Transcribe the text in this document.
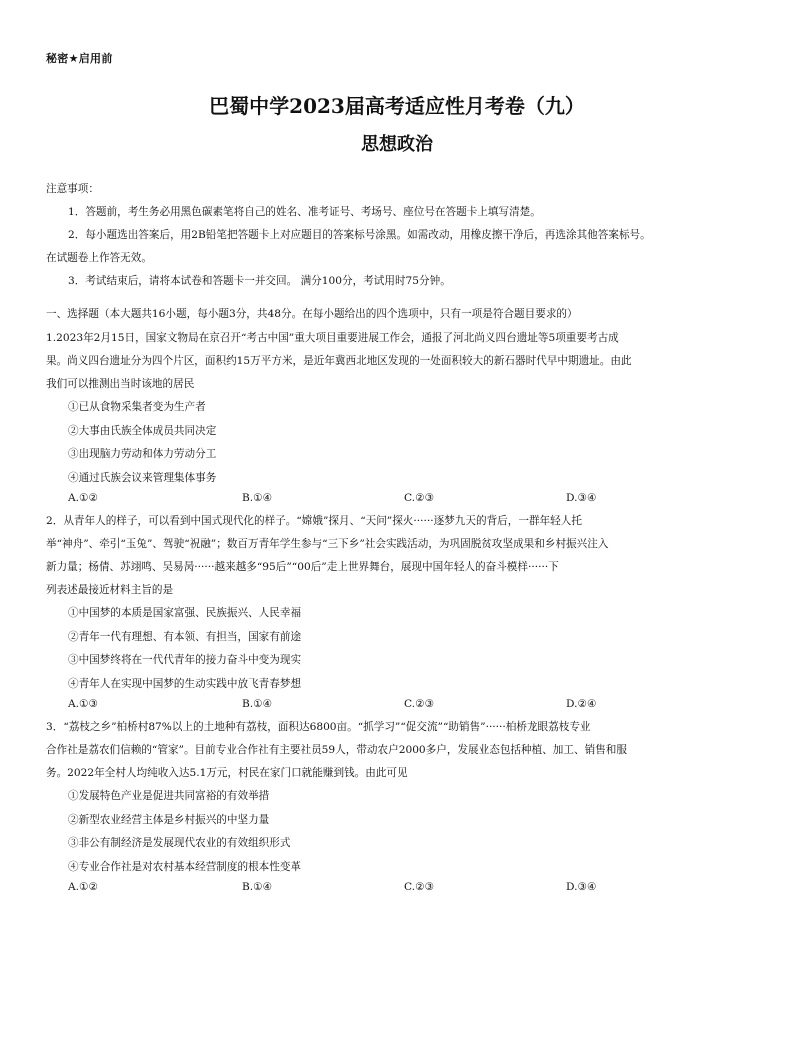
秘密★启用前
巴蜀中学2023届高考适应性月考卷（九）
思想政治
注意事项：
1．答题前，考生务必用黑色碳素笔将自己的姓名、准考证号、考场号、座位号在答题卡上填写清楚。
2．每小题选出答案后，用2B铅笔把答题卡上对应题目的答案标号涂黑。如需改动，用橡皮擦干净后，再选涂其他答案标号。
在试题卷上作答无效。
3．考试结束后，请将本试卷和答题卡一并交回。 满分100分，考试用时75分钟。
一、选择题（本大题共16小题，每小题3分，共48分。在每小题给出的四个选项中，只有一项是符合题目要求的）
1.2023年2月15日，国家文物局在京召开“考古中国”重大项目重要进展工作会，通报了河北尚义四台遗址等5项重要考古成
果。尚义四台遗址分为四个片区，面积约15万平方米，是近年冀西北地区发现的一处面积较大的新石器时代早中期遗址。由此
我们可以推测出当时该地的居民
①已从食物采集者变为生产者
②大事由氏族全体成员共同决定
③出现脑力劳动和体力劳动分工
④通过氏族会议来管理集体事务
A.①②	B.①④	C.②③	D.③④
2．从青年人的样子，可以看到中国式现代化的样子。“嫦娥”探月、“天问”探火······逐梦九天的背后，一群年轻人托
举“神舟”、牵引“玉兔”、驾驶“祝融”；数百万青年学生参与“三下乡”社会实践活动，为巩固脱贫攻坚成果和乡村振兴注入
新力量；杨倩、苏翊鸣、吴易昺······越来越多“95后”“00后”走上世界舞台，展现中国年轻人的奋斗模样······下
列表述最接近材料主旨的是
①中国梦的本质是国家富强、民族振兴、人民幸福
②青年一代有理想、有本领、有担当，国家有前途
③中国梦终将在一代代青年的接力奋斗中变为现实
④青年人在实现中国梦的生动实践中放飞青春梦想
A.①③	B.①④	C.②③	D.②④
3．“荔枝之乡”柏桥村87%以上的土地种有荔枝，面积达6800亩。“抓学习”“促交流”“助销售”······柏桥龙眼荔枝专业
合作社是荔农们信赖的“管家”。目前专业合作社有主要社员59人，带动农户2000多户，发展业态包括种植、加工、销售和服
务。2022年全村人均纯收入达5.1万元，村民在家门口就能赚到钱。由此可见
①发展特色产业是促进共同富裕的有效举措
②新型农业经营主体是乡村振兴的中坚力量
③非公有制经济是发展现代农业的有效组织形式
④专业合作社是对农村基本经营制度的根本性变革
A.①②	B.①④	C.②③	D.③④
